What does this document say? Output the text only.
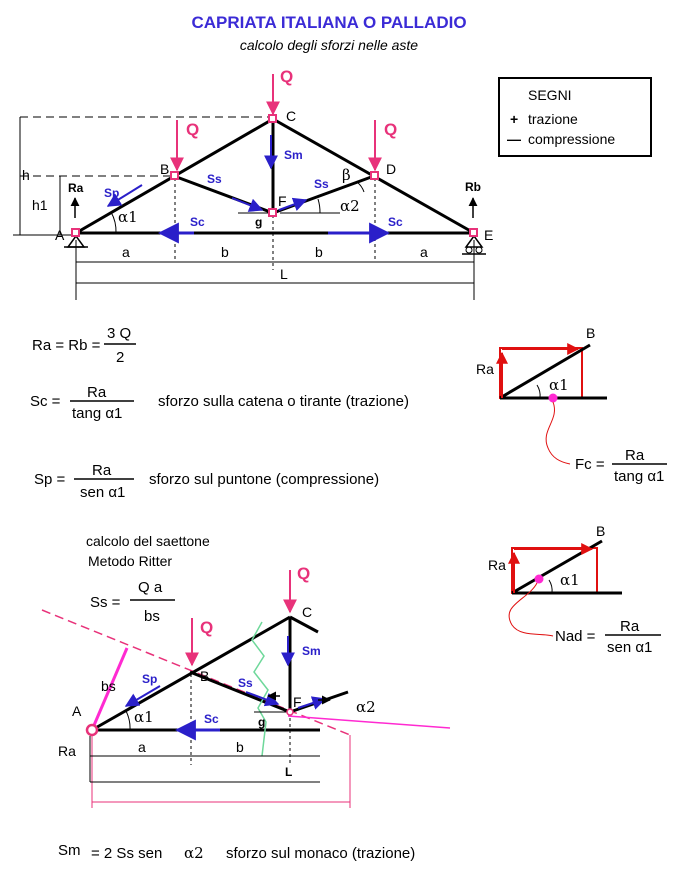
CAPRIATA ITALIANA O PALLADIO
calcolo degli sforzi nelle aste
SEGNI
+ trazione
— compressione
h
h1
g
a	b	b	a
L
Ra	Rb
Q
Q	Q
Sp
Ss	Ss
Sm
Sc	Sc
α1
α2
β
A
B
C
D
E
F
Ra = Rb =
3 Q
2
Sc =
Ra
tang α1
sforzo sulla catena o tirante (trazione)
Sp =
Ra
sen α1
sforzo sul puntone (compressione)
calcolo del saettone
Metodo Ritter
Ss =
Q a
bs
Sm = 2 Ss sen α2 sforzo sul monaco (trazione)
Ra
B
α1
Fc =
Ra
tang α1
Ra
B
α1
Nad =
Ra
sen α1
bs
a	b
L
Ra
g
Q
Q
Sp	Ss
Sm
Sc
α1
α2
A
B
C
F
